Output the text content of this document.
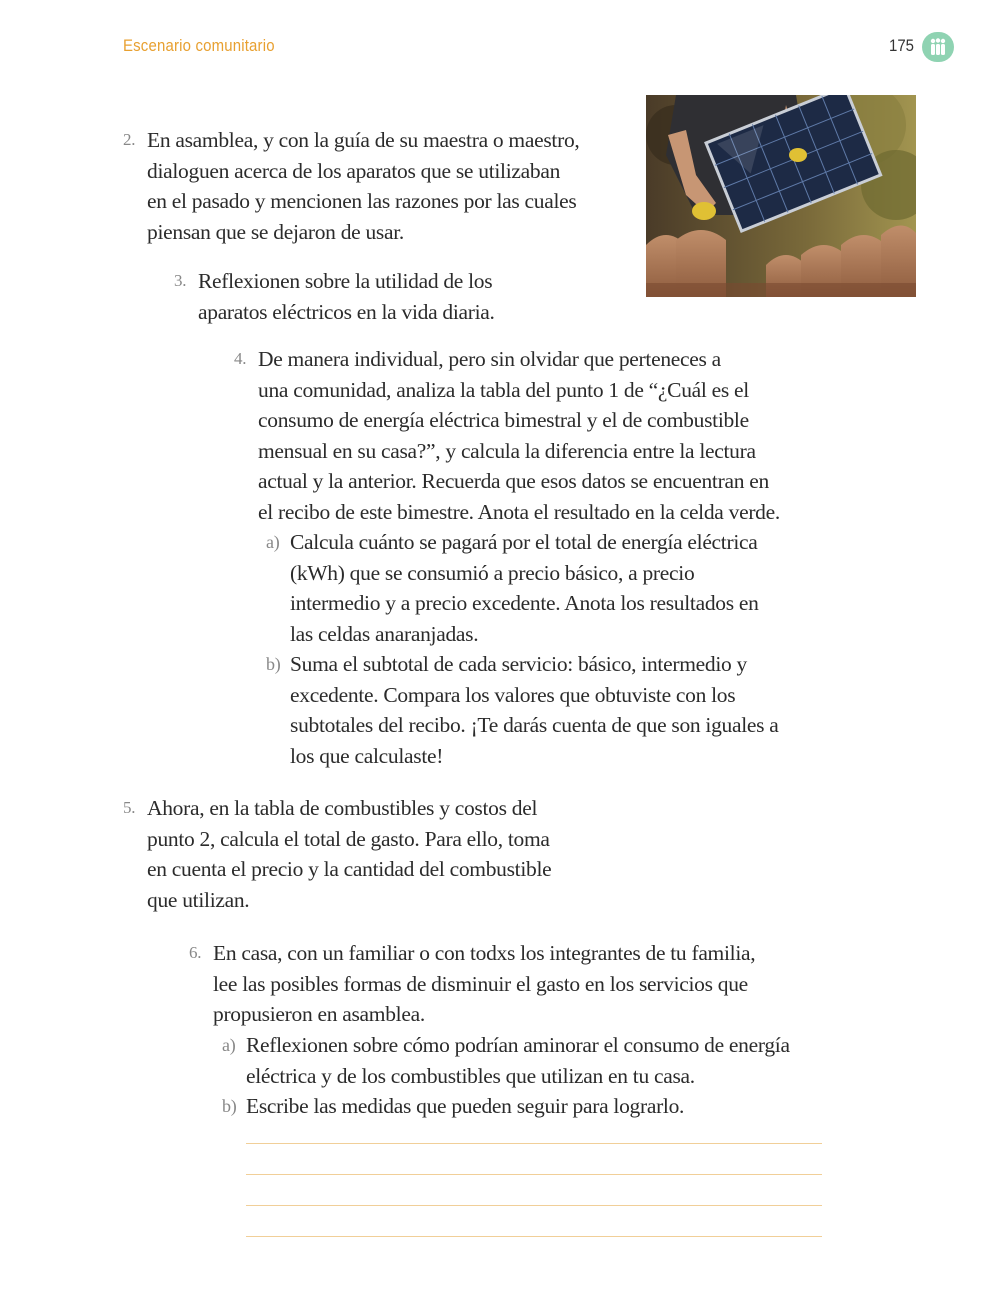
Escenario comunitario	175
2. En asamblea, y con la guía de su maestra o maestro,
dialoguen acerca de los aparatos que se utilizaban
en el pasado y mencionen las razones por las cuales
piensan que se dejaron de usar.
3. Reflexionen sobre la utilidad de los
aparatos eléctricos en la vida diaria.
4. De manera individual, pero sin olvidar que perteneces a
una comunidad, analiza la tabla del punto 1 de “¿Cuál es el
consumo de energía eléctrica bimestral y el de combustible
mensual en su casa?”, y calcula la diferencia entre la lectura
actual y la anterior. Recuerda que esos datos se encuentran en
el recibo de este bimestre. Anota el resultado en la celda verde.
a) Calcula cuánto se pagará por el total de energía eléctrica
(kWh) que se consumió a precio básico, a precio
intermedio y a precio excedente. Anota los resultados en
las celdas anaranjadas.
b) Suma el subtotal de cada servicio: básico, intermedio y
excedente. Compara los valores que obtuviste con los
subtotales del recibo. ¡Te darás cuenta de que son iguales a
los que calculaste!
5. Ahora, en la tabla de combustibles y costos del
punto 2, calcula el total de gasto. Para ello, toma
en cuenta el precio y la cantidad del combustible
que utilizan.
6. En casa, con un familiar o con todxs los integrantes de tu familia,
lee las posibles formas de disminuir el gasto en los servicios que
propusieron en asamblea.
a) Reflexionen sobre cómo podrían aminorar el consumo de energía
eléctrica y de los combustibles que utilizan en tu casa.
b) Escribe las medidas que pueden seguir para lograrlo.
